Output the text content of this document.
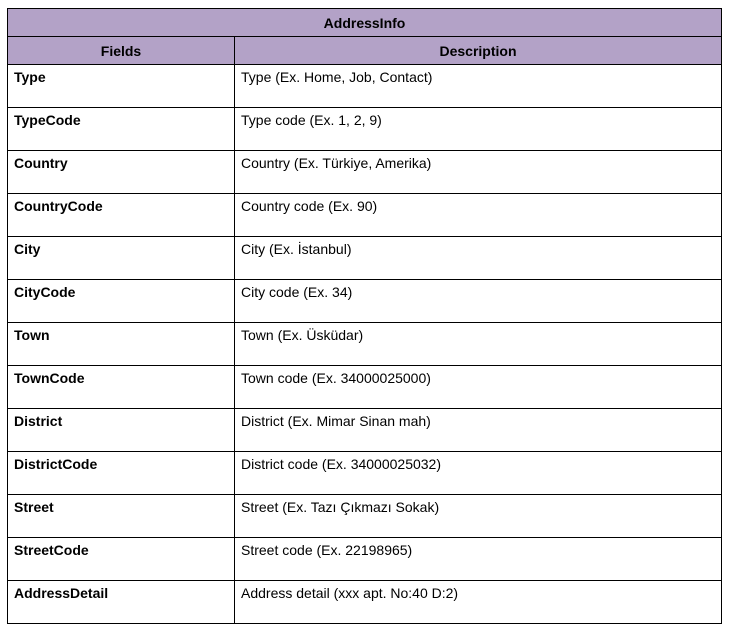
AddressInfo	
Fields	Description
Type	Type (Ex. Home, Job, Contact)
TypeCode	Type code (Ex. 1, 2, 9)
Country	Country (Ex. Türkiye, Amerika)
CountryCode	Country code (Ex. 90)
City	City (Ex. İstanbul)
CityCode	City code (Ex. 34)
Town	Town (Ex. Üsküdar)
TownCode	Town code (Ex. 34000025000)
District	District (Ex. Mimar Sinan mah)
DistrictCode	District code (Ex. 34000025032)
Street	Street (Ex. Tazı Çıkmazı Sokak)
StreetCode	Street code (Ex. 22198965)
AddressDetail	Address detail (xxx apt. No:40 D:2)
